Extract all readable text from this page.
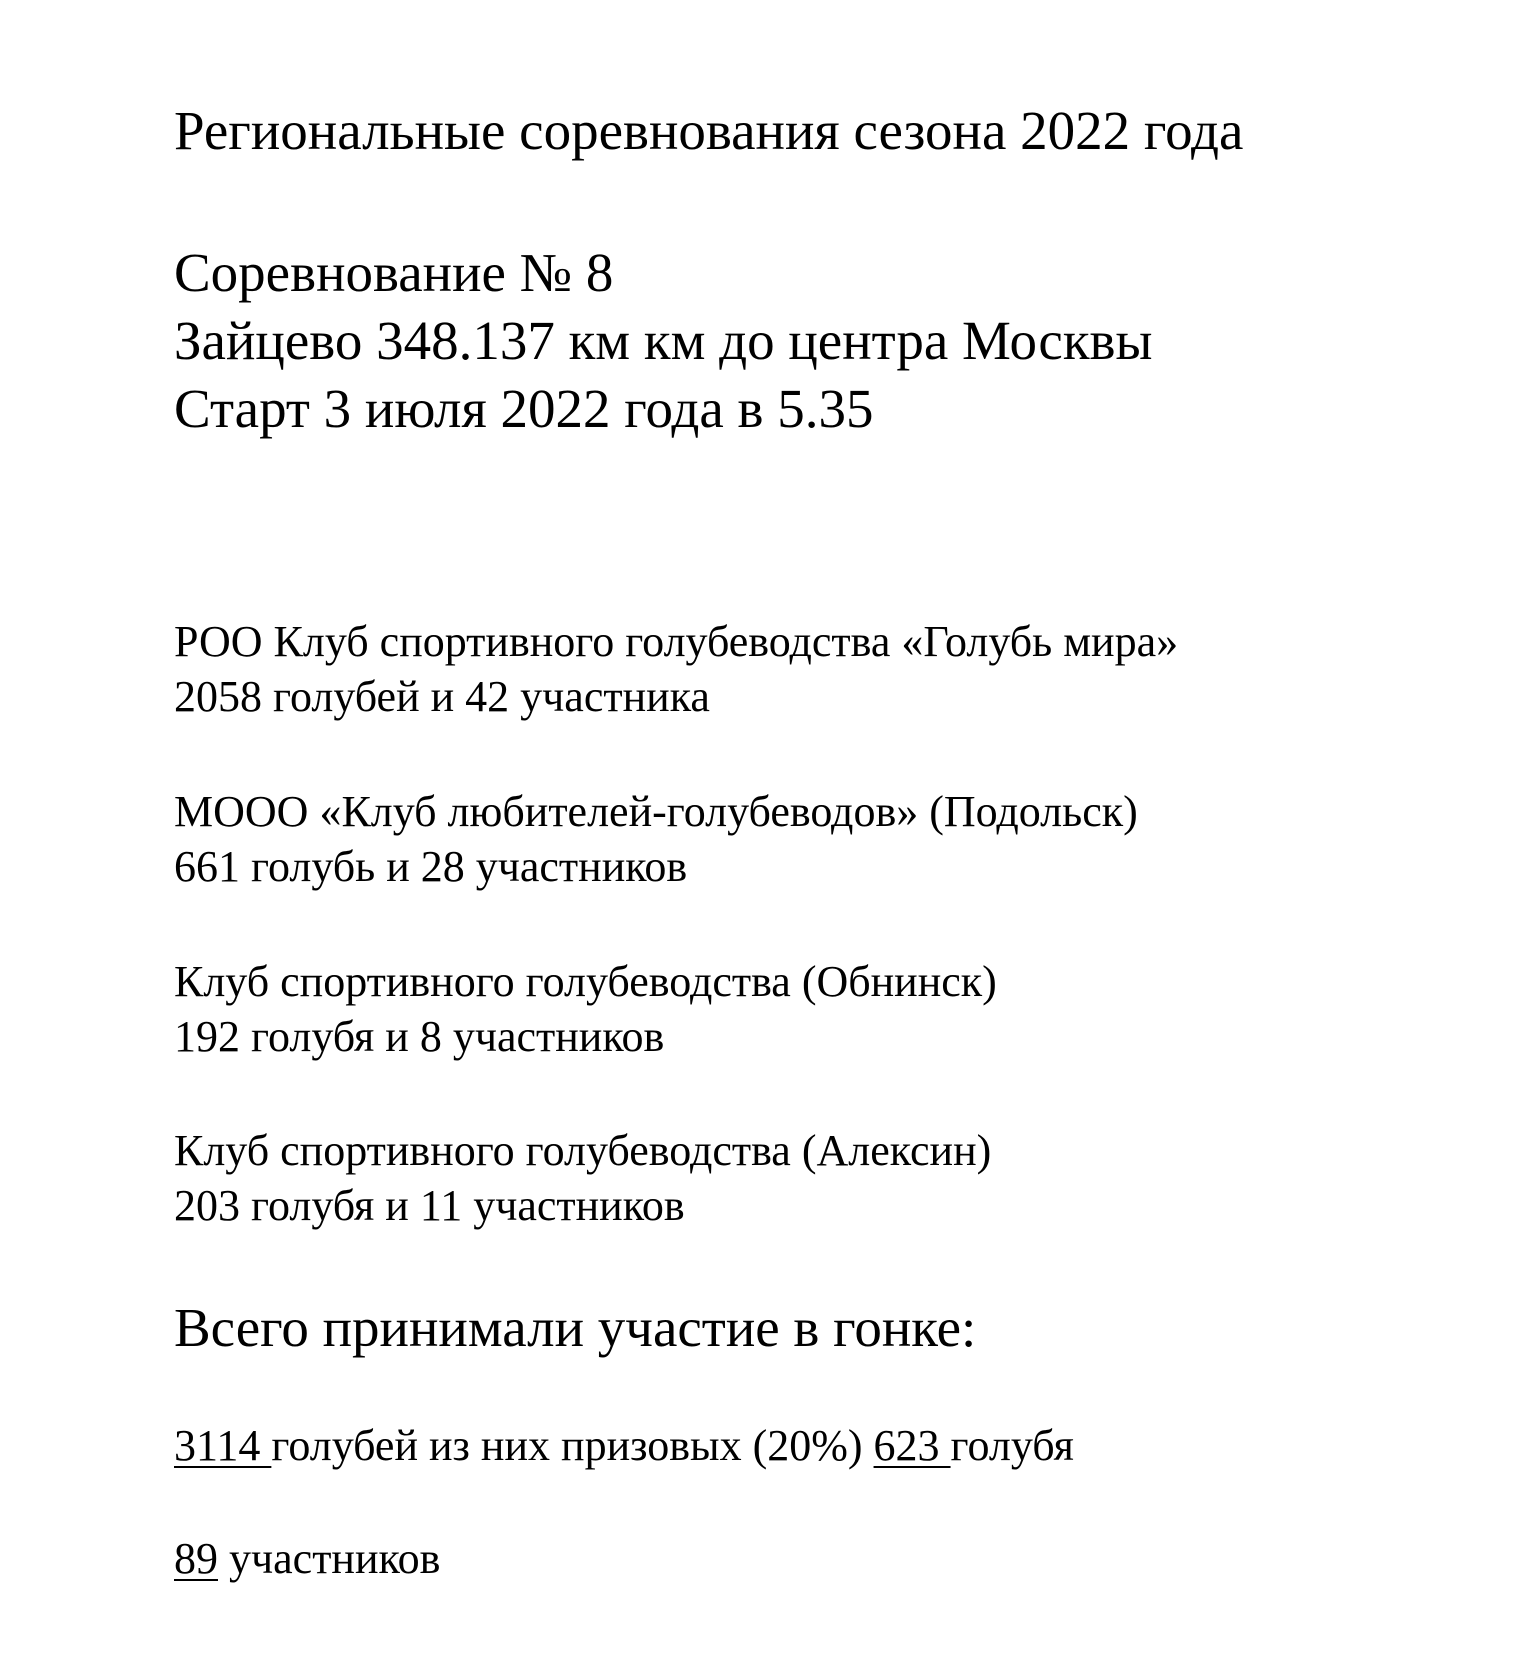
Региональные соревнования сезона 2022 года

Соревнование № 8

Зайцево 348.137 км км до центра Москвы

Старт 3 июля 2022 года в 5.35

РОО Клуб спортивного голубеводства «Голубь мира»

2058 голубей и 42 участника

МООО «Клуб любителей-голубеводов» (Подольск)

661 голубь и 28 участников

Клуб спортивного голубеводства (Обнинск)

192 голубя и 8 участников

Клуб спортивного голубеводства (Алексин)

203 голубя и 11 участников

Всего принимали участие в гонке:

3114 голубей из них призовых (20%) 623 голубя

89 участников
